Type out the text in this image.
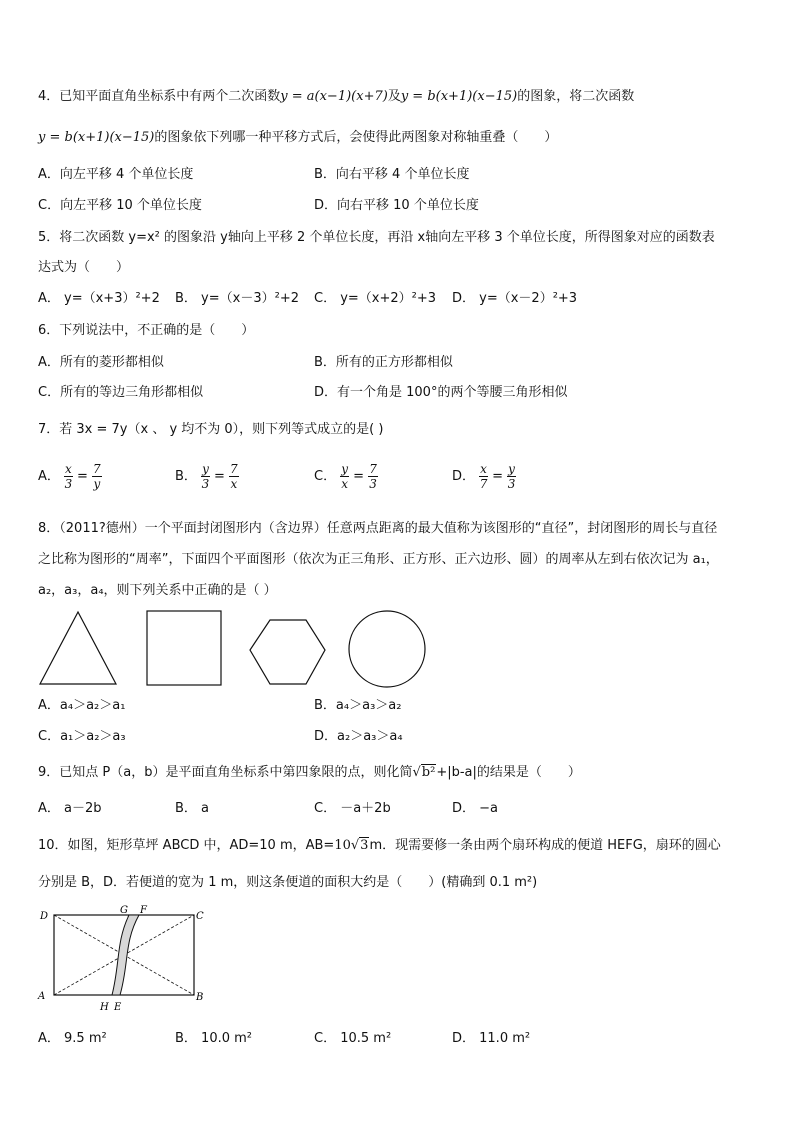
4．已知平面直角坐标系中有两个二次函数y = a(x−1)(x+7)及y = b(x+1)(x−15)的图象，将二次函数
y = b(x+1)(x−15)的图象依下列哪一种平移方式后，会使得此两图象对称轴重叠（　　）
A．向左平移 4 个单位长度	B．向右平移 4 个单位长度
C．向左平移 10 个单位长度	D．向右平移 10 个单位长度
5．将二次函数 y=x² 的图象沿 y轴向上平移 2 个单位长度，再沿 x轴向左平移 3 个单位长度，所得图象对应的函数表
达式为（　　）
A． y=（x+3）²+2 B． y=（x－3）²+2 C． y=（x+2）²+3 D． y=（x－2）²+3
6．下列说法中，不正确的是（　　）
A．所有的菱形都相似	B．所有的正方形都相似
C．所有的等边三角形都相似	D．有一个角是 100°的两个等腰三角形相似
7．若 3x = 7y（x 、 y 均不为 0），则下列等式成立的是( )
A． $\frac{x}{3} = \frac{7}{y}$	B． $\frac{y}{3} = \frac{7}{x}$	C． $\frac{y}{x} = \frac{7}{3}$	D． $\frac{x}{7} = \frac{y}{3}$
8．（2011?德州）一个平面封闭图形内（含边界）任意两点距离的最大值称为该图形的“直径”，封闭图形的周长与直径
之比称为图形的“周率”，下面四个平面图形（依次为正三角形、正方形、正六边形、圆）的周率从左到右依次记为 a₁，
a₂，a₃，a₄，则下列关系中正确的是（ ）
A．a₄＞a₂＞a₁	B．a₄＞a₃＞a₂
C．a₁＞a₂＞a₃	D．a₂＞a₃＞a₄
9．已知点 P（a，b）是平面直角坐标系中第四象限的点，则化简√b²+|b-a|的结果是（　　）
A． a－2b	B． a	C． －a＋2b	D． −a
10．如图，矩形草坪 ABCD 中，AD=10 m，AB=10√3m．现需要修一条由两个扇环构成的便道 HEFG，扇环的圆心
分别是 B，D．若便道的宽为 1 m，则这条便道的面积大约是（　　）(精确到 0.1 m²)
D
G F
C
A
H E
B
A． 9.5 m²	B． 10.0 m²	C． 10.5 m²	D． 11.0 m²
